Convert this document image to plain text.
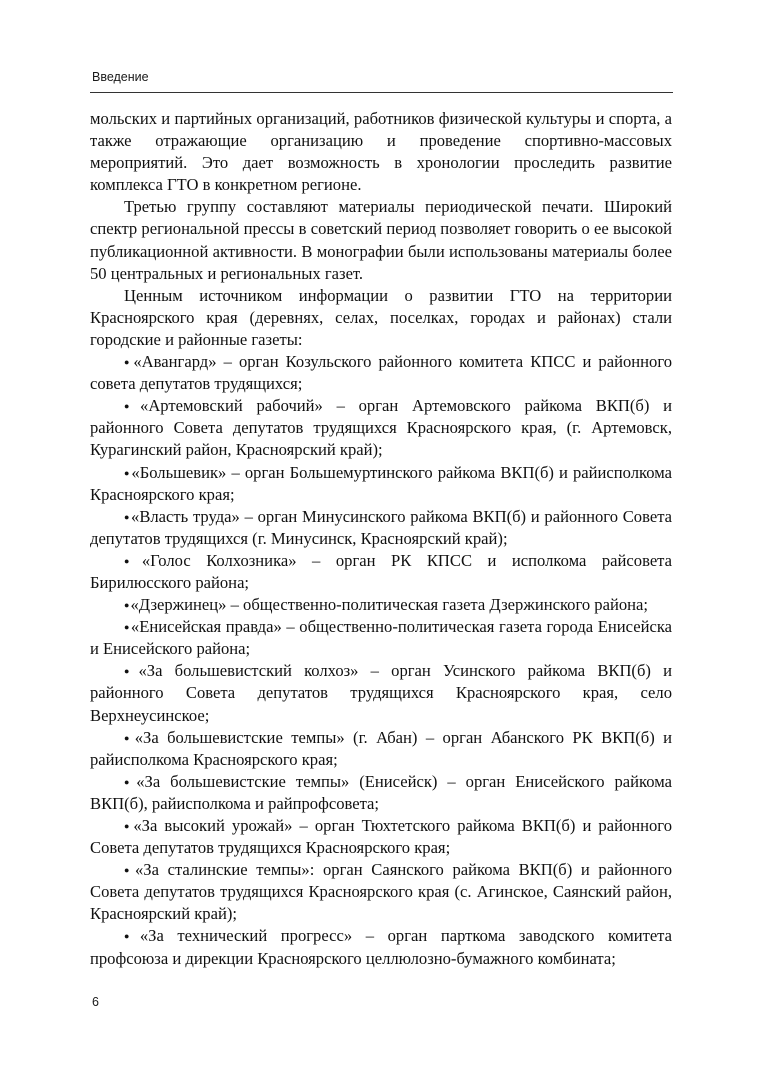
Введение

мольских и партийных организаций, работников физической культуры и спорта, а также отражающие организацию и проведение спортивно-массовых мероприятий. Это дает возможность в хронологии проследить развитие комплекса ГТО в конкретном регионе.

Третью группу составляют материалы периодической печати. Широкий спектр региональной прессы в советский период позволяет говорить о ее высокой публикационной активности. В монографии были использованы материалы более 50 центральных и региональных газет.

Ценным источником информации о развитии ГТО на территории Красноярского края (деревнях, селах, поселках, городах и районах) стали городские и районные газеты:

●«Авангард» – орган Козульского районного комитета КПСС и районного совета депутатов трудящихся;

●«Артемовский рабочий» – орган Артемовского райкома ВКП(б) и районного Совета депутатов трудящихся Красноярского края, (г. Артемовск, Курагинский район, Красноярский край);

●«Большевик» – орган Большемуртинского райкома ВКП(б) и райисполкома Красноярского края;

●«Власть труда» – орган Минусинского райкома ВКП(б) и районного Совета депутатов трудящихся (г. Минусинск, Красноярский край);

●«Голос Колхозника» – орган РК КПСС и исполкома райсовета Бирилюсского района;

●«Дзержинец» – общественно-политическая газета Дзержинского района;

●«Енисейская правда» – общественно-политическая газета города Енисейска и Енисейского района;

●«За большевистский колхоз» – орган Усинского райкома ВКП(б) и районного Совета депутатов трудящихся Красноярского края, село Верхнеусинское;

●«За большевистские темпы» (г. Абан) – орган Абанского РК ВКП(б) и райисполкома Красноярского края;

●«За большевистские темпы» (Енисейск) – орган Енисейского райкома ВКП(б), райисполкома и райпрофсовета;

●«За высокий урожай» – орган Тюхтетского райкома ВКП(б) и районного Совета депутатов трудящихся Красноярского края;

●«За сталинские темпы»: орган Саянского райкома ВКП(б) и районного Совета депутатов трудящихся Красноярского края (с. Агинское, Саянский район, Красноярский край);

●«За технический прогресс» – орган парткома заводского комитета профсоюза и дирекции Красноярского целлюлозно-бумажного комбината;

6
